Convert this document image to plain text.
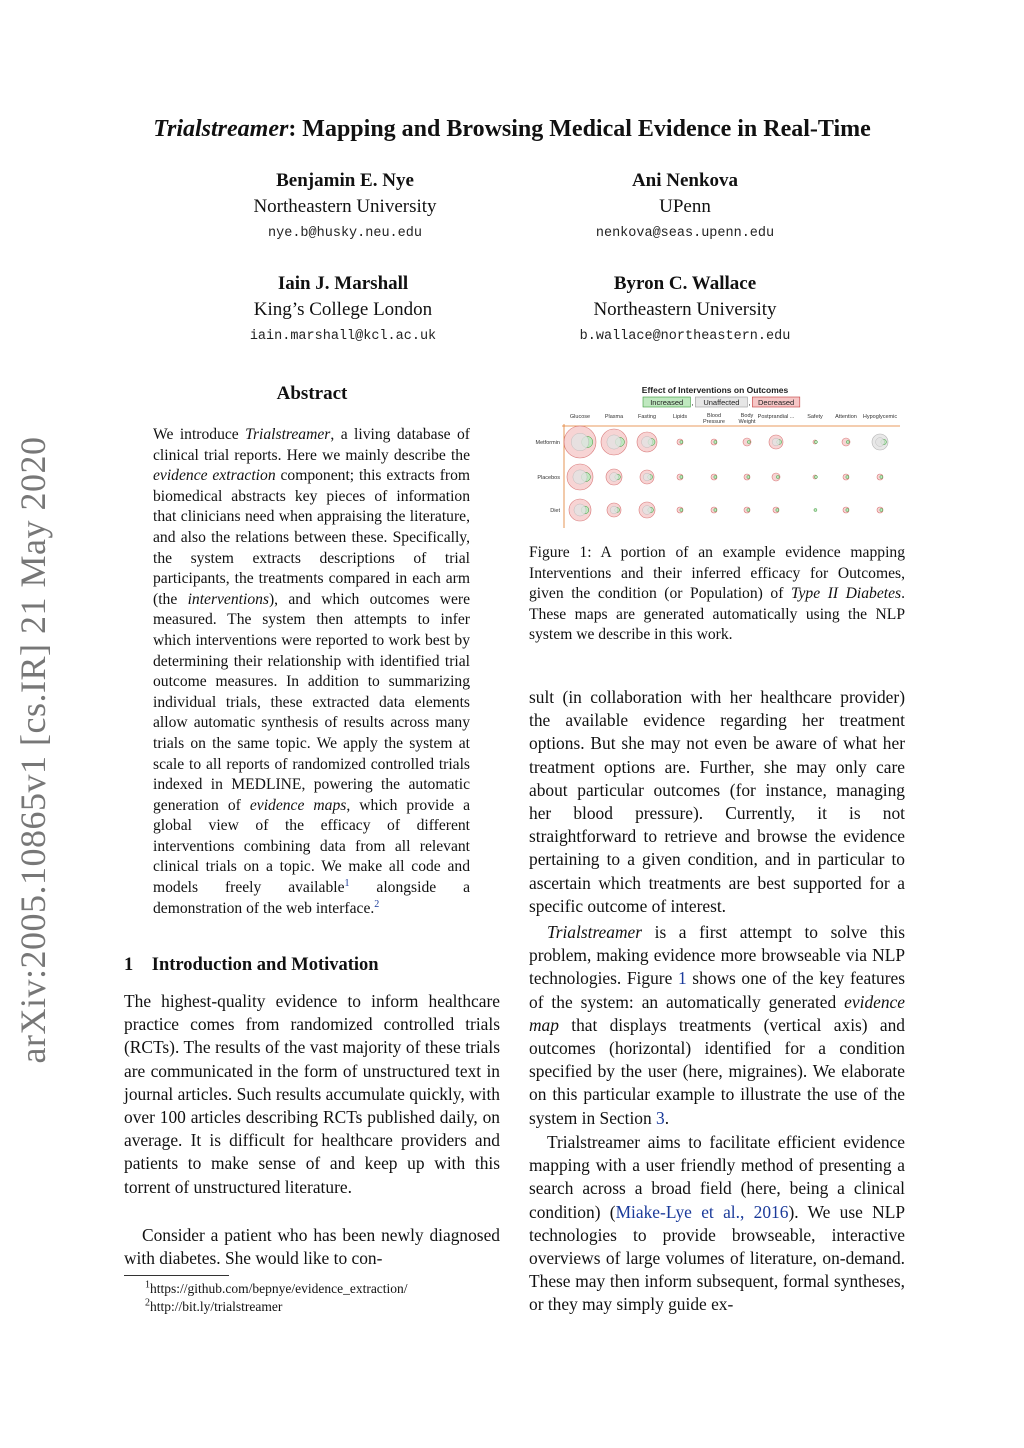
arXiv:2005.10865v1 [cs.IR] 21 May 2020
Trialstreamer: Mapping and Browsing Medical Evidence in Real-Time
Benjamin E. Nye
Northeastern University
nye.b@husky.neu.edu
Ani Nenkova
UPenn
nenkova@seas.upenn.edu
Iain J. Marshall
King’s College London
iain.marshall@kcl.ac.uk
Byron C. Wallace
Northeastern University
b.wallace@northeastern.edu
Abstract
We introduce Trialstreamer, a living database of clinical trial reports. Here we mainly describe the evidence extraction component; this extracts from biomedical abstracts key pieces of information that clinicians need when appraising the literature, and also the relations between these. Specifically, the system extracts descriptions of trial participants, the treatments compared in each arm (the interventions), and which outcomes were measured. The system then attempts to infer which interventions were reported to work best by determining their relationship with identified trial outcome measures. In addition to summarizing individual trials, these extracted data elements allow automatic synthesis of results across many trials on the same topic. We apply the system at scale to all reports of randomized controlled trials indexed in MEDLINE, powering the automatic generation of evidence maps, which provide a global view of the efficacy of different interventions combining data from all relevant clinical trials on a topic. We make all code and models freely available$^1$ alongside a demonstration of the web interface.$^2$
1 Introduction and Motivation
The highest-quality evidence to inform healthcare practice comes from randomized controlled trials (RCTs). The results of the vast majority of these trials are communicated in the form of unstructured text in journal articles. Such results accumulate quickly, with over 100 articles describing RCTs published daily, on average. It is difficult for healthcare providers and patients to make sense of and keep up with this torrent of unstructured literature.
Consider a patient who has been newly diagnosed with diabetes. She would like to con-
$^1$https://github.com/bepnye/evidence_extraction/
$^2$http://bit.ly/trialstreamer
Effect of Interventions on Outcomes
Increased , Unaffected , Decreased
Glucose	Plasma	Fasting	Lipids	Blood
Pressure
Body
Weight
Postprandial ... Safety Attention Hypoglycemic
Metformin
Placebos
Diet
Figure 1: A portion of an example evidence mapping Interventions and their inferred efficacy for Outcomes, given the condition (or Population) of Type II Diabetes. These maps are generated automatically using the NLP system we describe in this work.
sult (in collaboration with her healthcare provider) the available evidence regarding her treatment options. But she may not even be aware of what her treatment options are. Further, she may only care about particular outcomes (for instance, managing her blood pressure). Currently, it is not straightforward to retrieve and browse the evidence pertaining to a given condition, and in particular to ascertain which treatments are best supported for a specific outcome of interest.
Trialstreamer is a first attempt to solve this problem, making evidence more browseable via NLP technologies. Figure 1 shows one of the key features of the system: an automatically generated evidence map that displays treatments (vertical axis) and outcomes (horizontal) identified for a condition specified by the user (here, migraines). We elaborate on this particular example to illustrate the use of the system in Section 3.
Trialstreamer aims to facilitate efficient evidence mapping with a user friendly method of presenting a search across a broad field (here, being a clinical condition) (Miake-Lye et al., 2016). We use NLP technologies to provide browseable, interactive overviews of large volumes of literature, on-demand. These may then inform subsequent, formal syntheses, or they may simply guide ex-
